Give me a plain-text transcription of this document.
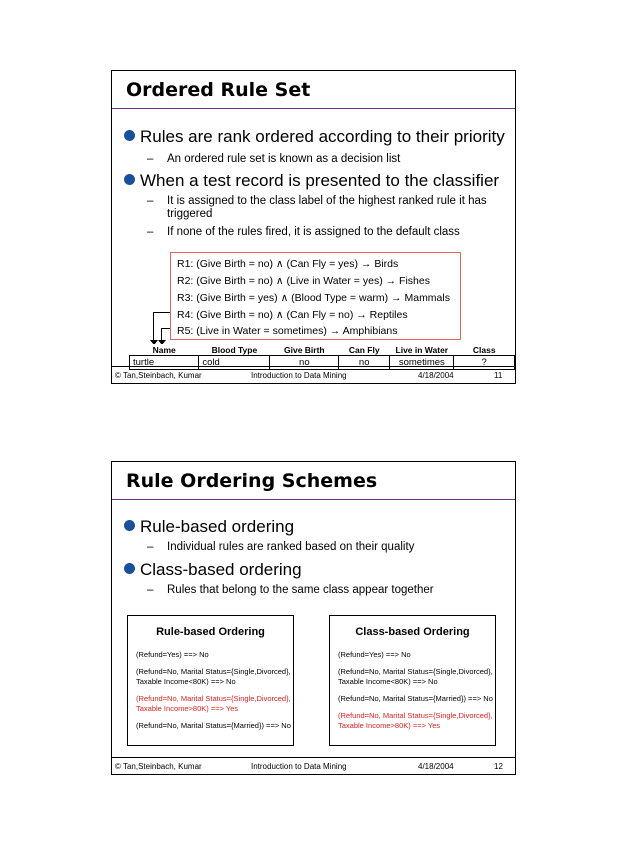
Ordered Rule Set
Rules are rank ordered according to their priority
– An ordered rule set is known as a decision list
When a test record is presented to the classifier
– It is assigned to the class label of the highest ranked rule it has
triggered
– If none of the rules fired, it is assigned to the default class
R1: (Give Birth = no) ∧ (Can Fly = yes) → Birds
R2: (Give Birth = no) ∧ (Live in Water = yes) → Fishes
R3: (Give Birth = yes) ∧ (Blood Type = warm) → Mammals
R4: (Give Birth = no) ∧ (Can Fly = no) → Reptiles
R5: (Live in Water = sometimes) → Amphibians
Name	Blood Type	Give Birth	Can Fly	Live in Water	Class
turtle	cold	no	no	sometimes	?
© Tan,Steinbach, Kumar	Introduction to Data Mining	4/18/2004	11
Rule Ordering Schemes
Rule-based ordering
– Individual rules are ranked based on their quality
Class-based ordering
– Rules that belong to the same class appear together
Rule-based Ordering
(Refund=Yes) ==> No
(Refund=No, Marital Status={Single,Divorced},
Taxable Income<80K) ==> No
(Refund=No, Marital Status={Single,Divorced},
Taxable Income>80K) ==> Yes
(Refund=No, Marital Status={Married}) ==> No
Class-based Ordering
(Refund=Yes) ==> No
(Refund=No, Marital Status={Single,Divorced},
Taxable Income<80K) ==> No
(Refund=No, Marital Status={Married}) ==> No
(Refund=No, Marital Status={Single,Divorced},
Taxable Income>80K) ==> Yes
© Tan,Steinbach, Kumar	Introduction to Data Mining	4/18/2004	12
